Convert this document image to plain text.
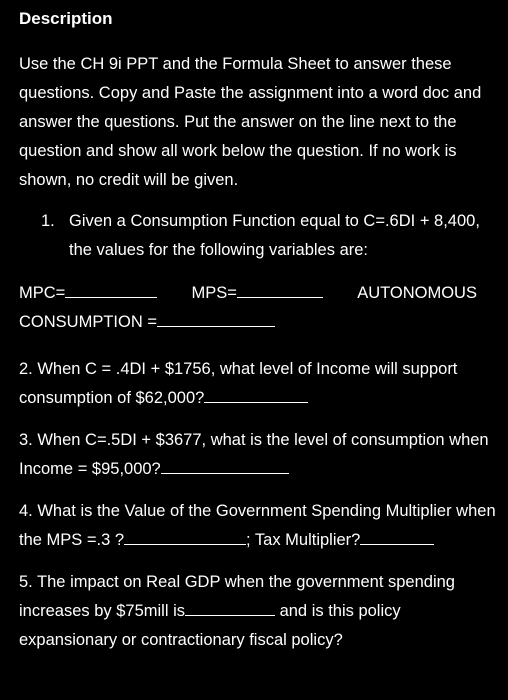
Description

Use the CH 9i PPT and the Formula Sheet to answer these questions. Copy and Paste the assignment into a word doc and answer the questions. Put the answer on the line next to the question and show all work below the question. If no work is shown, no credit will be given.

1. Given a Consumption Function equal to C=.6DI + 8,400, the values for the following variables are:
MPC=	MPS=	AUTONOMOUS
CONSUMPTION =
2. When C = .4DI + $1756, what level of Income will support consumption of $62,000?
3. When C=.5DI + $3677, what is the level of consumption when Income = $95,000?
4. What is the Value of the Government Spending Multiplier when the MPS =.3 ?	; Tax Multiplier?
5. The impact on Real GDP when the government spending increases by $75mill is	and is this policy expansionary or contractionary fiscal policy?
